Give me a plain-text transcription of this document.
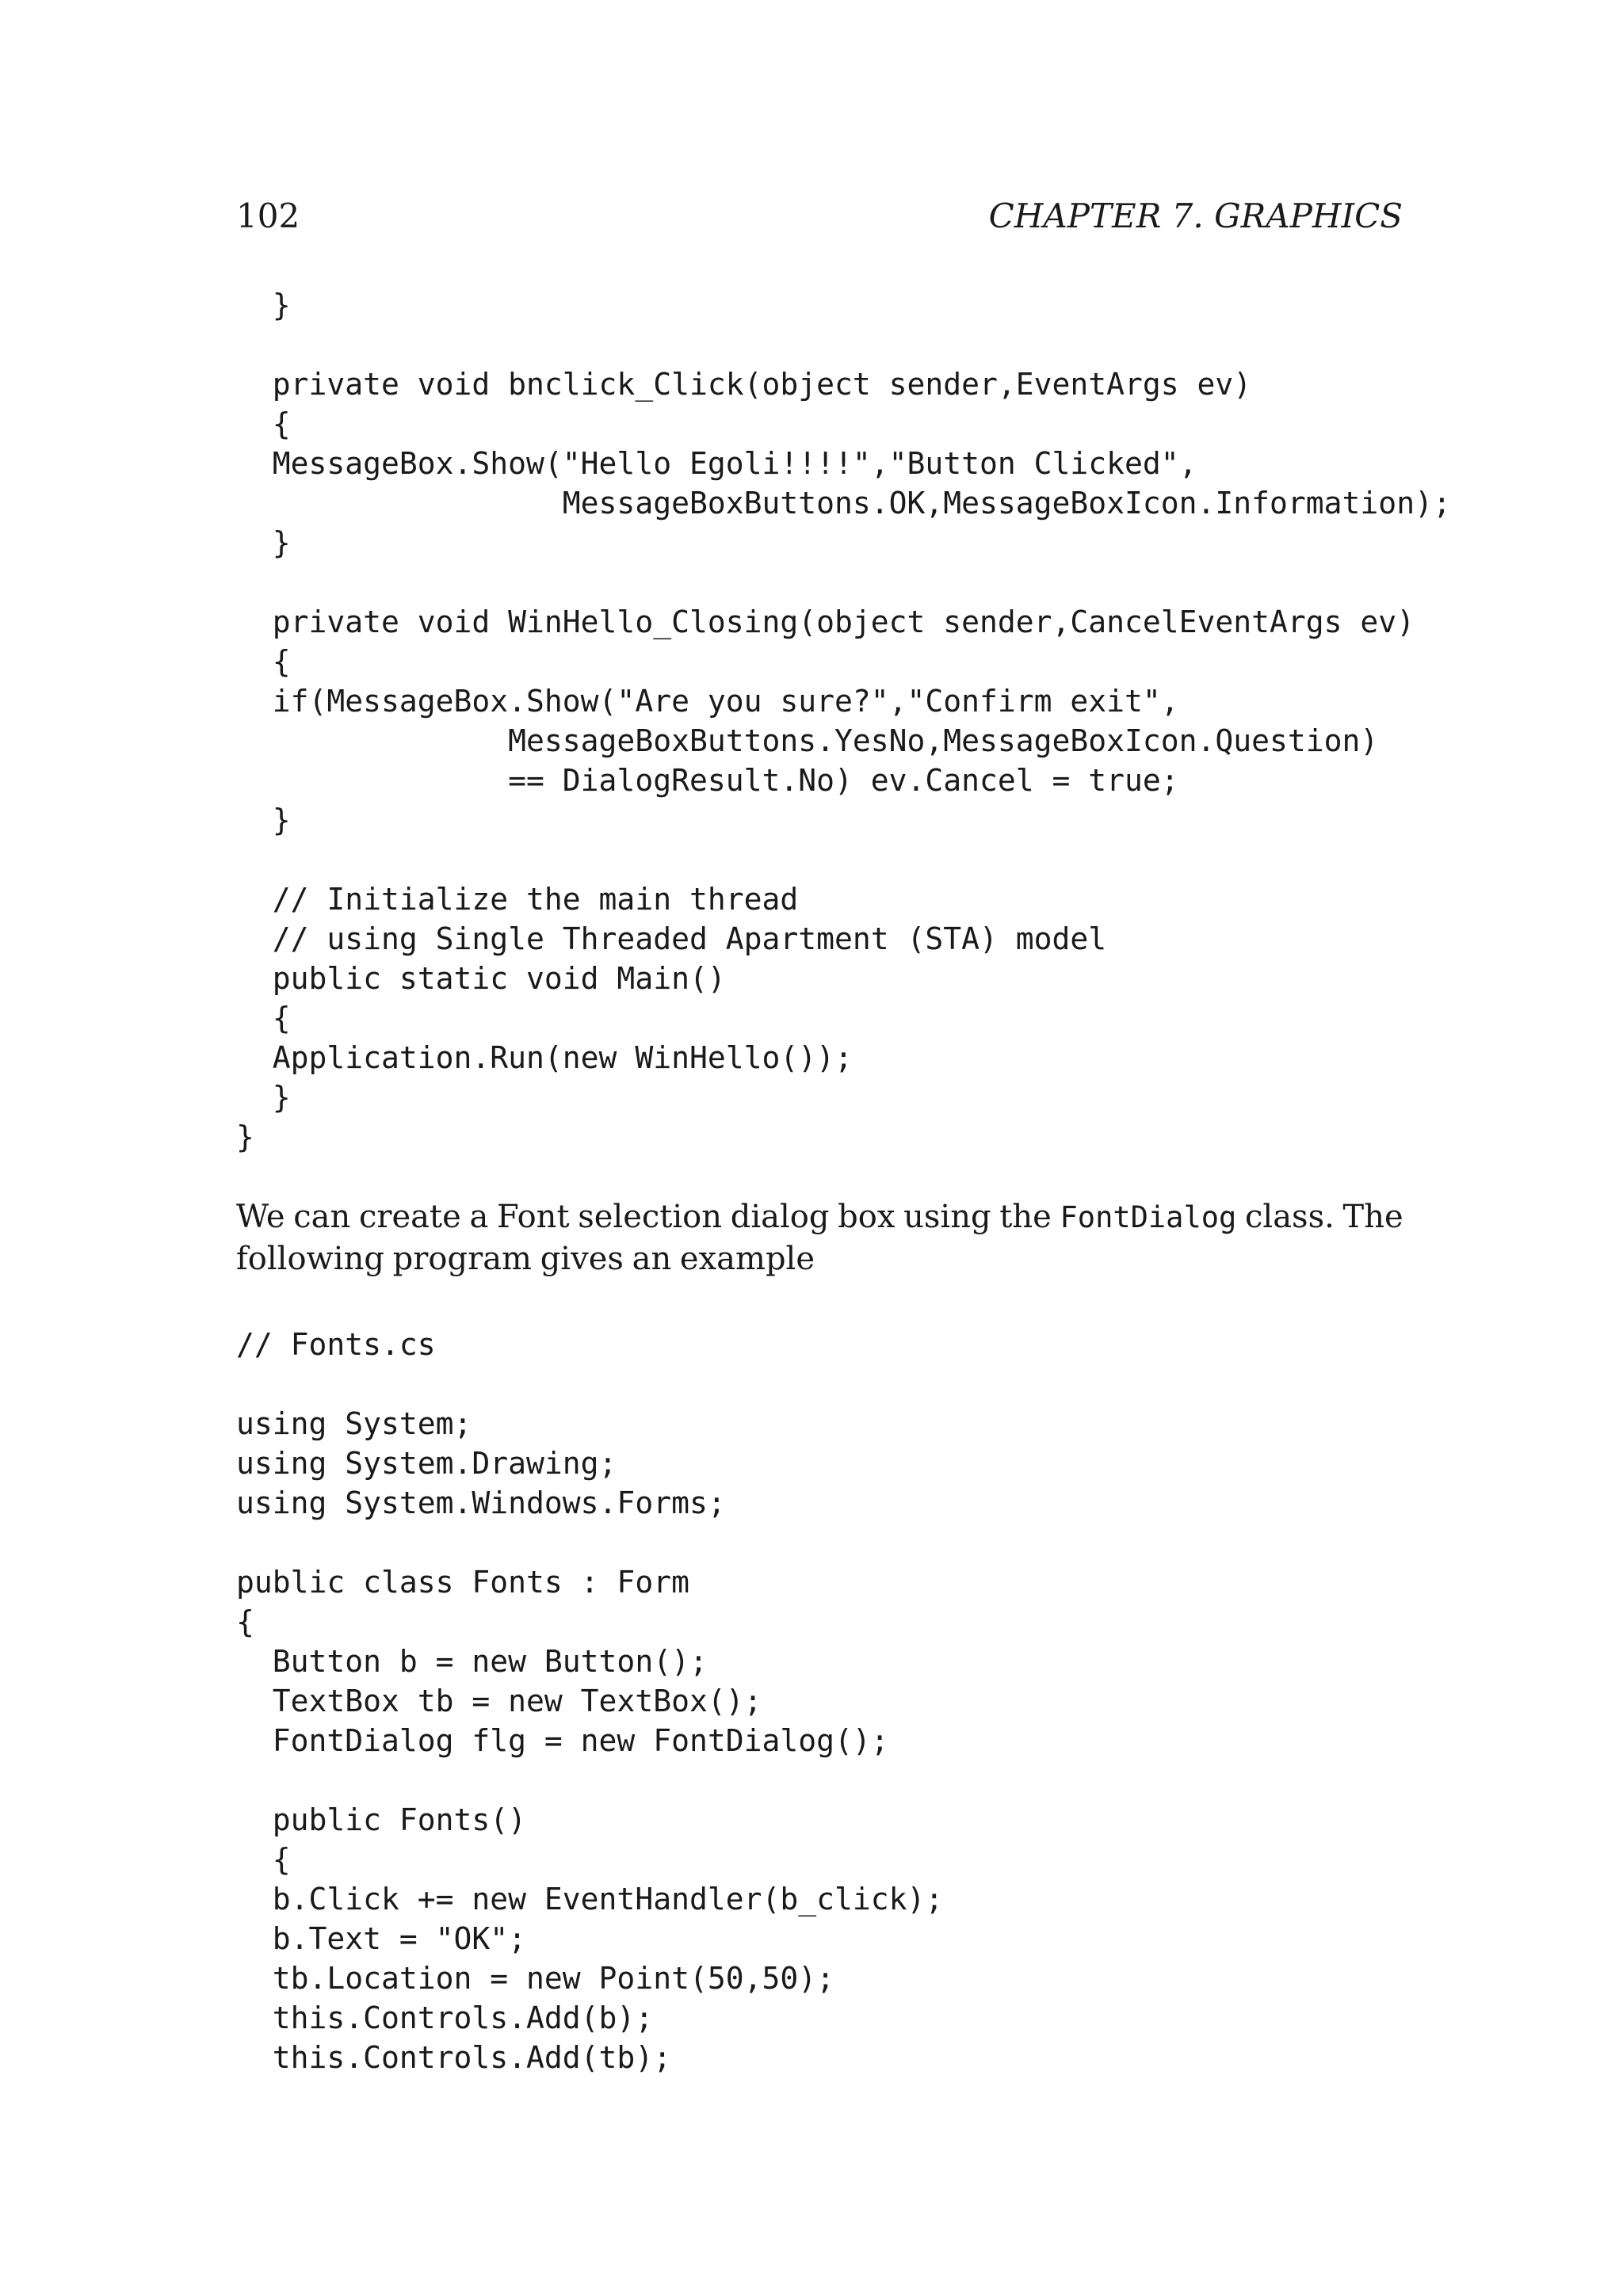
102	CHAPTER 7. GRAPHICS
}

private void bnclick_Click(object sender,EventArgs ev)
{
MessageBox.Show("Hello Egoli!!!!","Button Clicked",
MessageBoxButtons.OK,MessageBoxIcon.Information);
}

private void WinHello_Closing(object sender,CancelEventArgs ev)
{
if(MessageBox.Show("Are you sure?","Confirm exit",
MessageBoxButtons.YesNo,MessageBoxIcon.Question)
== DialogResult.No) ev.Cancel = true;
}

// Initialize the main thread
// using Single Threaded Apartment (STA) model
public static void Main()
{
Application.Run(new WinHello());
}
}

We can create a Font selection dialog box using the FontDialog class. The following program gives an example

// Fonts.cs

using System;
using System.Drawing;
using System.Windows.Forms;

public class Fonts : Form
{
Button b = new Button();
TextBox tb = new TextBox();
FontDialog flg = new FontDialog();

public Fonts()
{
b.Click += new EventHandler(b_click);
b.Text = "OK";
tb.Location = new Point(50,50);
this.Controls.Add(b);
this.Controls.Add(tb);
